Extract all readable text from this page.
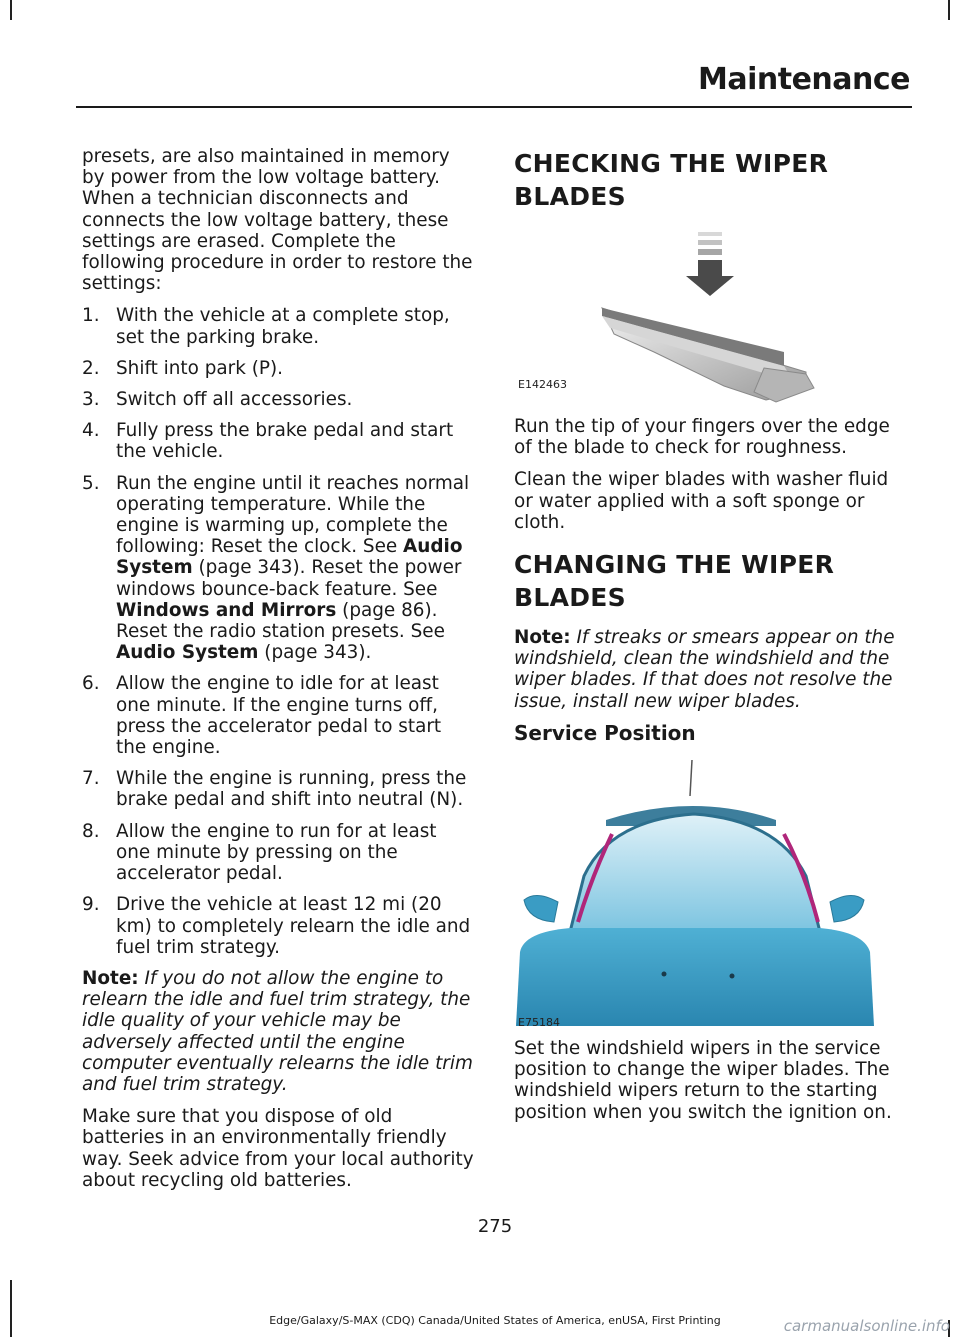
Maintenance

presets, are also maintained in memory by power from the low voltage battery. When a technician disconnects and connects the low voltage battery, these settings are erased. Complete the following procedure in order to restore the settings:

1. With the vehicle at a complete stop, set the parking brake.
2. Shift into park (P).
3. Switch off all accessories.
4. Fully press the brake pedal and start the vehicle.
5. Run the engine until it reaches normal operating temperature. While the engine is warming up, complete the following: Reset the clock. See Audio System (page 343). Reset the power windows bounce-back feature. See Windows and Mirrors (page 86). Reset the radio station presets. See Audio System (page 343).
6. Allow the engine to idle for at least one minute. If the engine turns off, press the accelerator pedal to start the engine.
7. While the engine is running, press the brake pedal and shift into neutral (N).
8. Allow the engine to run for at least one minute by pressing on the accelerator pedal.
9. Drive the vehicle at least 12 mi (20 km) to completely relearn the idle and fuel trim strategy.

Note: If you do not allow the engine to relearn the idle and fuel trim strategy, the idle quality of your vehicle may be adversely affected until the engine computer eventually relearns the idle trim and fuel trim strategy.

Make sure that you dispose of old batteries in an environmentally friendly way. Seek advice from your local authority about recycling old batteries.

CHECKING THE WIPER
BLADES
E142463

Run the tip of your fingers over the edge of the blade to check for roughness.

Clean the wiper blades with washer fluid or water applied with a soft sponge or cloth.

CHANGING THE WIPER
BLADES

Note: If streaks or smears appear on the windshield, clean the windshield and the wiper blades. If that does not resolve the issue, install new wiper blades.

Service Position
E75184

Set the windshield wipers in the service position to change the wiper blades. The windshield wipers return to the starting position when you switch the ignition on.

275
Edge/Galaxy/S-MAX (CDQ) Canada/United States of America, enUSA, First Printing	carmanualsonline.info
